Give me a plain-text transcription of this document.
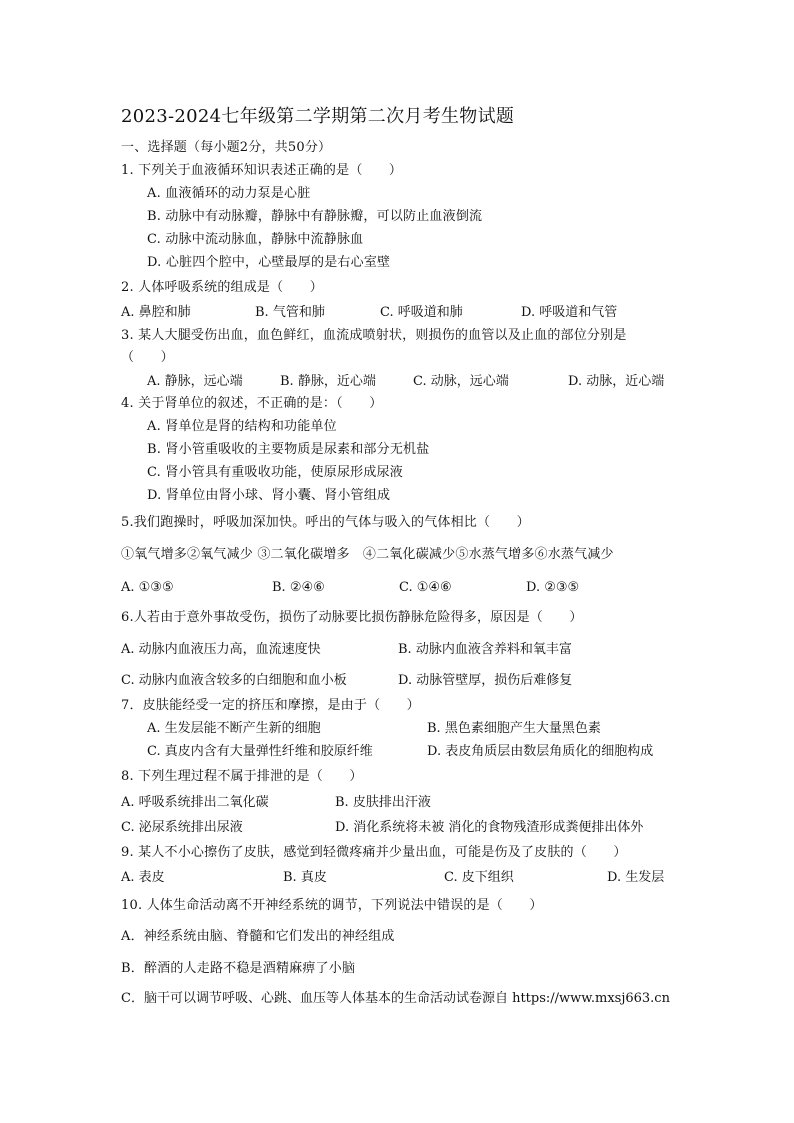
2023-2024七年级第二学期第二次月考生物试题
一、选择题（每小题2分，共50分）
1. 下列关于血液循环知识表述正确的是（　　）
A. 血液循环的动力泵是心脏
B. 动脉中有动脉瓣，静脉中有静脉瓣，可以防止血液倒流
C. 动脉中流动脉血，静脉中流静脉血
D. 心脏四个腔中，心壁最厚的是右心室壁
2. 人体呼吸系统的组成是（　　）
A. 鼻腔和肺	B. 气管和肺	C. 呼吸道和肺	D. 呼吸道和气管
3. 某人大腿受伤出血，血色鲜红，血流成喷射状，则损伤的血管以及止血的部位分别是
（　　）
A. 静脉，远心端	B. 静脉，近心端	C. 动脉，远心端	D. 动脉，近心端
4. 关于肾单位的叙述，不正确的是：（　　）
A. 肾单位是肾的结构和功能单位
B. 肾小管重吸收的主要物质是尿素和部分无机盐
C. 肾小管具有重吸收功能，使原尿形成尿液
D. 肾单位由肾小球、肾小囊、肾小管组成
5.我们跑操时，呼吸加深加快。呼出的气体与吸入的气体相比（　　）
①氧气增多②氧气减少 ③二氧化碳增多　④二氧化碳减少⑤水蒸气增多⑥水蒸气减少
A. ①③⑤	B. ②④⑥	C. ①④⑥	D. ②③⑤
6.人若由于意外事故受伤，损伤了动脉要比损伤静脉危险得多，原因是（　　）
A. 动脉内血液压力高，血流速度快	B. 动脉内血液含养料和氧丰富
C. 动脉内血液含较多的白细胞和血小板	D. 动脉管壁厚，损伤后难修复
7．皮肤能经受一定的挤压和摩擦，是由于（　　）
A. 生发层能不断产生新的细胞	B. 黑色素细胞产生大量黑色素
C. 真皮内含有大量弹性纤维和胶原纤维	D. 表皮角质层由数层角质化的细胞构成
8. 下列生理过程不属于排泄的是（　　）
A. 呼吸系统排出二氧化碳	B. 皮肤排出汗液
C. 泌尿系统排出尿液	D. 消化系统将未被 消化的食物残渣形成粪便排出体外
9. 某人不小心擦伤了皮肤，感觉到轻微疼痛并少量出血，可能是伤及了皮肤的（　　）
A. 表皮	B. 真皮	C. 皮下组织	D. 生发层
10. 人体生命活动离不开神经系统的调节，下列说法中错误的是（　　）
A．神经系统由脑、脊髓和它们发出的神经组成
B．醉酒的人走路不稳是酒精麻痹了小脑
C．脑干可以调节呼吸、心跳、血压等人体基本的生命活动试卷源自 https://www.mxsj663.cn
